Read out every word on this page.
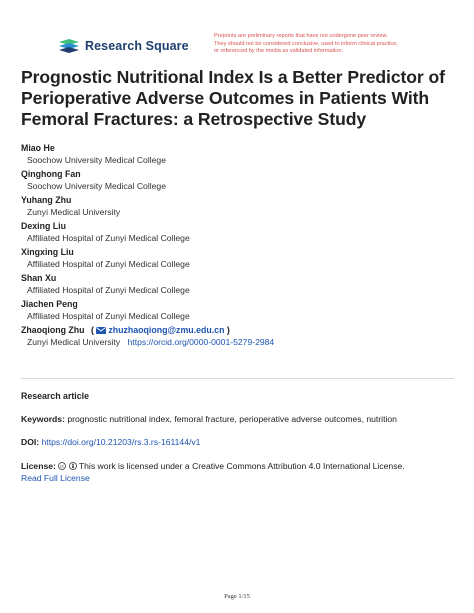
Research Square
Preprints are preliminary reports that have not undergone peer review.
They should not be considered conclusive, used to inform clinical practice,
or referenced by the media as validated information.
Prognostic Nutritional Index Is a Better Predictor of
Perioperative Adverse Outcomes in Patients With
Femoral Fractures: a Retrospective Study
Miao He
Soochow University Medical College
Qinghong Fan
Soochow University Medical College
Yuhang Zhu
Zunyi Medical University
Dexing Liu
Affiliated Hospital of Zunyi Medical College
Xingxing Liu
Affiliated Hospital of Zunyi Medical College
Shan Xu
Affiliated Hospital of Zunyi Medical College
Jiachen Peng
Affiliated Hospital of Zunyi Medical College
Zhaoqiong Zhu ( zhuzhaoqiong@zmu.edu.cn )
Zunyi Medical University https://orcid.org/0000-0001-5279-2984
Research article
Keywords: prognostic nutritional index, femoral fracture, perioperative adverse outcomes, nutrition
DOI: https://doi.org/10.21203/rs.3.rs-161144/v1
License: cc This work is licensed under a Creative Commons Attribution 4.0 International License.
Read Full License
Page 1/15
